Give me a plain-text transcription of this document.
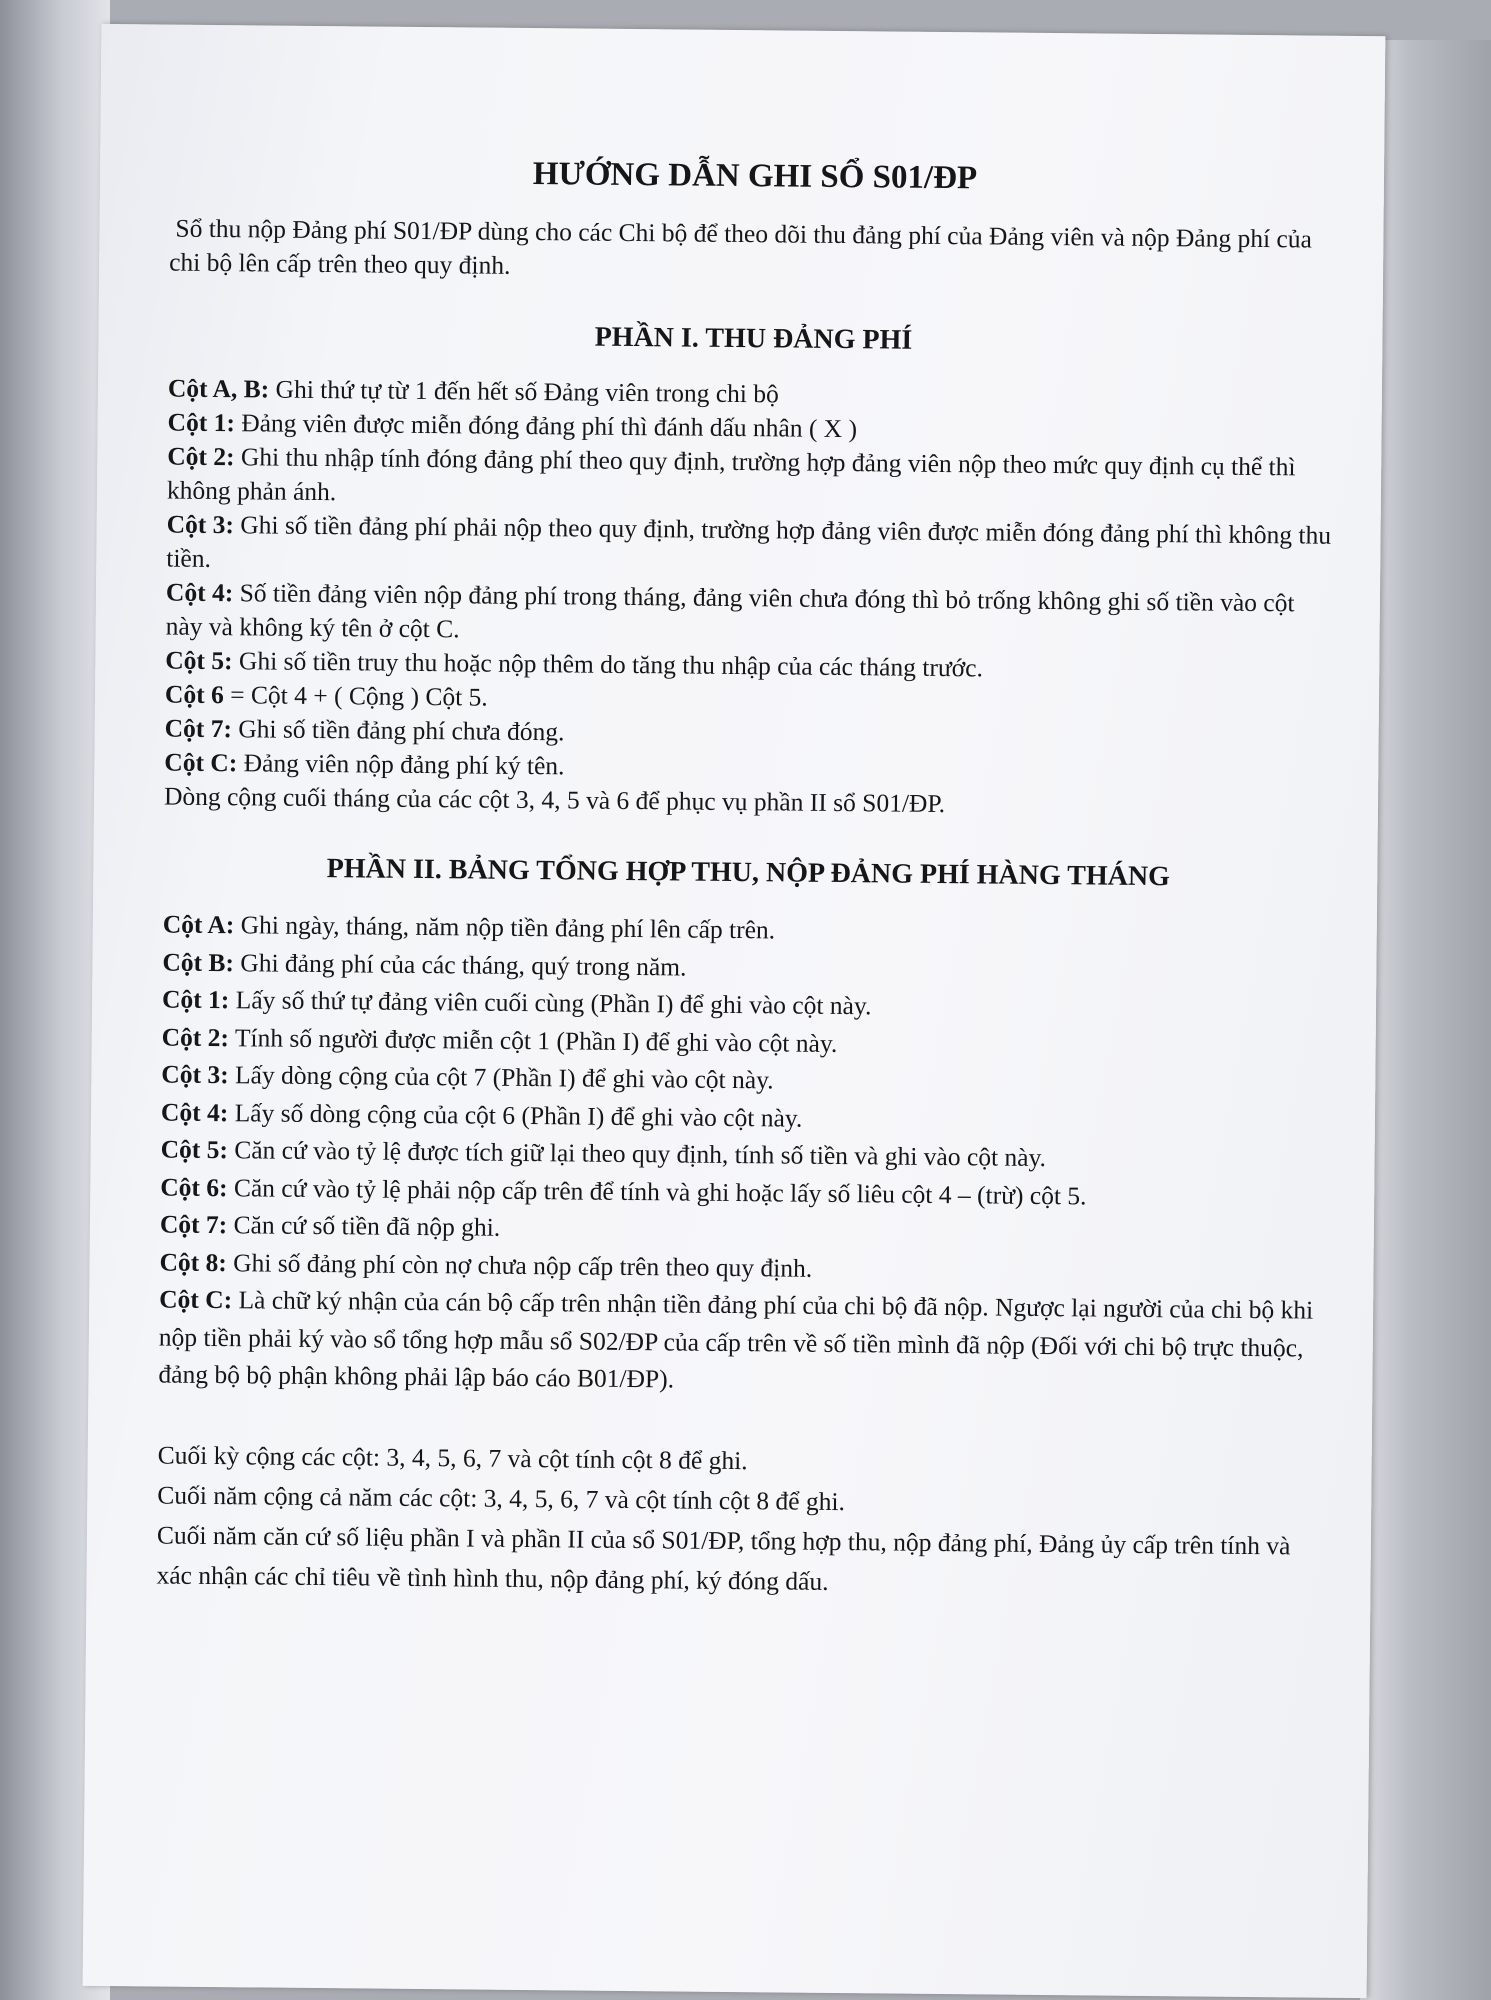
HƯỚNG DẪN GHI SỔ S01/ĐP

Sổ thu nộp Đảng phí S01/ĐP dùng cho các Chi bộ để theo dõi thu đảng phí của Đảng viên và nộp Đảng phí của chi bộ lên cấp trên theo quy định.

PHẦN I. THU ĐẢNG PHÍ

Cột A, B: Ghi thứ tự từ 1 đến hết số Đảng viên trong chi bộ

Cột 1: Đảng viên được miễn đóng đảng phí thì đánh dấu nhân ( X )

Cột 2: Ghi thu nhập tính đóng đảng phí theo quy định, trường hợp đảng viên nộp theo mức quy định cụ thể thì không phản ánh.

Cột 3: Ghi số tiền đảng phí phải nộp theo quy định, trường hợp đảng viên được miễn đóng đảng phí thì không thu tiền.

Cột 4: Số tiền đảng viên nộp đảng phí trong tháng, đảng viên chưa đóng thì bỏ trống không ghi số tiền vào cột này và không ký tên ở cột C.

Cột 5: Ghi số tiền truy thu hoặc nộp thêm do tăng thu nhập của các tháng trước.

Cột 6 = Cột 4 + ( Cộng ) Cột 5.

Cột 7: Ghi số tiền đảng phí chưa đóng.

Cột C: Đảng viên nộp đảng phí ký tên.

Dòng cộng cuối tháng của các cột 3, 4, 5 và 6 để phục vụ phần II sổ S01/ĐP.

PHẦN II. BẢNG TỔNG HỢP THU, NỘP ĐẢNG PHÍ HÀNG THÁNG

Cột A: Ghi ngày, tháng, năm nộp tiền đảng phí lên cấp trên.

Cột B: Ghi đảng phí của các tháng, quý trong năm.

Cột 1: Lấy số thứ tự đảng viên cuối cùng (Phần I) để ghi vào cột này.

Cột 2: Tính số người được miễn cột 1 (Phần I) để ghi vào cột này.

Cột 3: Lấy dòng cộng của cột 7 (Phần I) để ghi vào cột này.

Cột 4: Lấy số dòng cộng của cột 6 (Phần I) để ghi vào cột này.

Cột 5: Căn cứ vào tỷ lệ được tích giữ lại theo quy định, tính số tiền và ghi vào cột này.

Cột 6: Căn cứ vào tỷ lệ phải nộp cấp trên để tính và ghi hoặc lấy số liêu cột 4 – (trừ) cột 5.

Cột 7: Căn cứ số tiền đã nộp ghi.

Cột 8: Ghi số đảng phí còn nợ chưa nộp cấp trên theo quy định.

Cột C: Là chữ ký nhận của cán bộ cấp trên nhận tiền đảng phí của chi bộ đã nộp. Ngược lại người của chi bộ khi nộp tiền phải ký vào sổ tổng hợp mẫu sổ S02/ĐP của cấp trên về số tiền mình đã nộp (Đối với chi bộ trực thuộc, đảng bộ bộ phận không phải lập báo cáo B01/ĐP).

Cuối kỳ cộng các cột: 3, 4, 5, 6, 7 và cột tính cột 8 để ghi.

Cuối năm cộng cả năm các cột: 3, 4, 5, 6, 7 và cột tính cột 8 để ghi.

Cuối năm căn cứ số liệu phần I và phần II của sổ S01/ĐP, tổng hợp thu, nộp đảng phí, Đảng ủy cấp trên tính và xác nhận các chỉ tiêu về tình hình thu, nộp đảng phí, ký đóng dấu.
